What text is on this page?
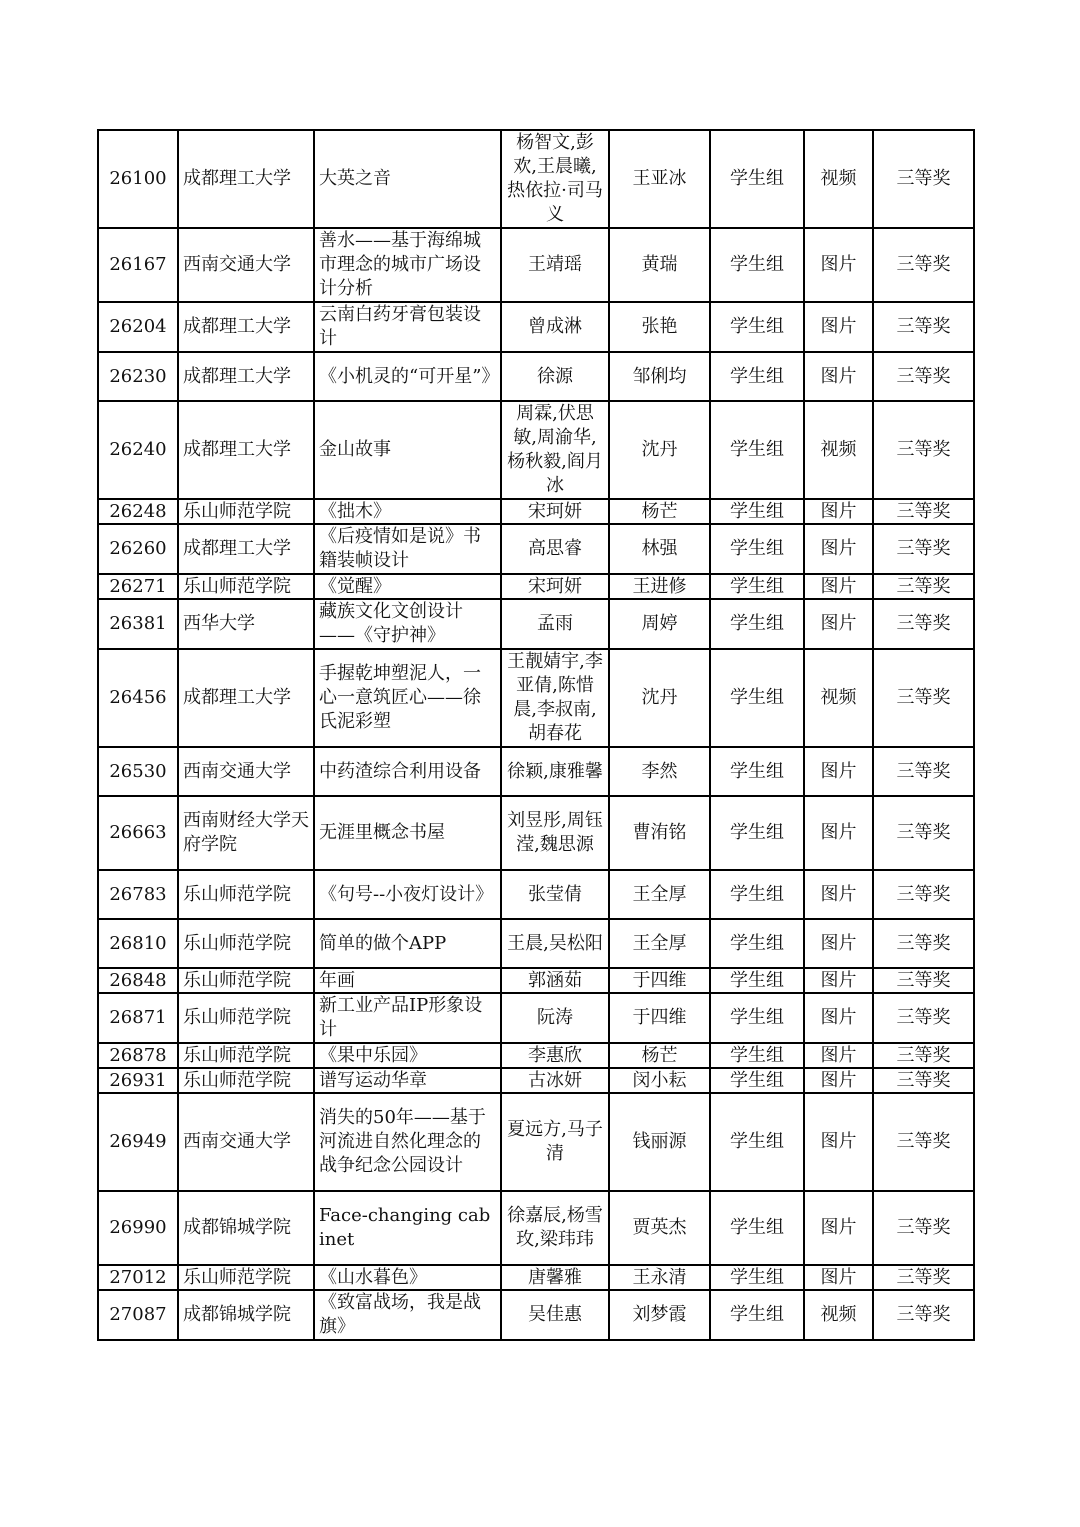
26100	成都理工大学	大英之音	杨智文,彭欢,王晨曦,热依拉·司马义	王亚冰	学生组	视频	三等奖
26167	西南交通大学	善水——基于海绵城市理念的城市广场设计分析	王靖瑶	黄瑞	学生组	图片	三等奖
26204	成都理工大学	云南白药牙膏包装设计	曾成淋	张艳	学生组	图片	三等奖
26230	成都理工大学	《小机灵的“可开星”》	徐源	邹俐均	学生组	图片	三等奖
26240	成都理工大学	金山故事	周霖,伏思敏,周渝华,杨秋毅,阎月冰	沈丹	学生组	视频	三等奖
26248	乐山师范学院	《拙木》	宋珂妍	杨芒	学生组	图片	三等奖
26260	成都理工大学	《后疫情如是说》书籍装帧设计	高思睿	林强	学生组	图片	三等奖
26271	乐山师范学院	《觉醒》	宋珂妍	王进修	学生组	图片	三等奖
26381	西华大学	藏族文化文创设计——《守护神》	孟雨	周婷	学生组	图片	三等奖
26456	成都理工大学	手握乾坤塑泥人，一心一意筑匠心——徐氏泥彩塑	王靓婧宇,李亚倩,陈惜晨,李叔南,胡春花	沈丹	学生组	视频	三等奖
26530	西南交通大学	中药渣综合利用设备	徐颖,康雅馨	李然	学生组	图片	三等奖
26663	西南财经大学天府学院	无涯里概念书屋	刘昱彤,周钰滢,魏思源	曹洧铭	学生组	图片	三等奖
26783	乐山师范学院	《句号--小夜灯设计》	张莹倩	王全厚	学生组	图片	三等奖
26810	乐山师范学院	简单的做个APP	王晨,吴松阳	王全厚	学生组	图片	三等奖
26848	乐山师范学院	年画	郭涵茹	于四维	学生组	图片	三等奖
26871	乐山师范学院	新工业产品IP形象设计	阮涛	于四维	学生组	图片	三等奖
26878	乐山师范学院	《果中乐园》	李惠欣	杨芒	学生组	图片	三等奖
26931	乐山师范学院	谱写运动华章	古冰妍	闵小耘	学生组	图片	三等奖
26949	西南交通大学	消失的50年——基于河流进自然化理念的战争纪念公园设计	夏远方,马子清	钱丽源	学生组	图片	三等奖
26990	成都锦城学院	Face-changing cabinet	徐嘉辰,杨雪玫,梁玮玮	贾英杰	学生组	图片	三等奖
27012	乐山师范学院	《山水暮色》	唐馨雅	王永清	学生组	图片	三等奖
27087	成都锦城学院	《致富战场，我是战旗》	吴佳惠	刘梦霞	学生组	视频	三等奖
